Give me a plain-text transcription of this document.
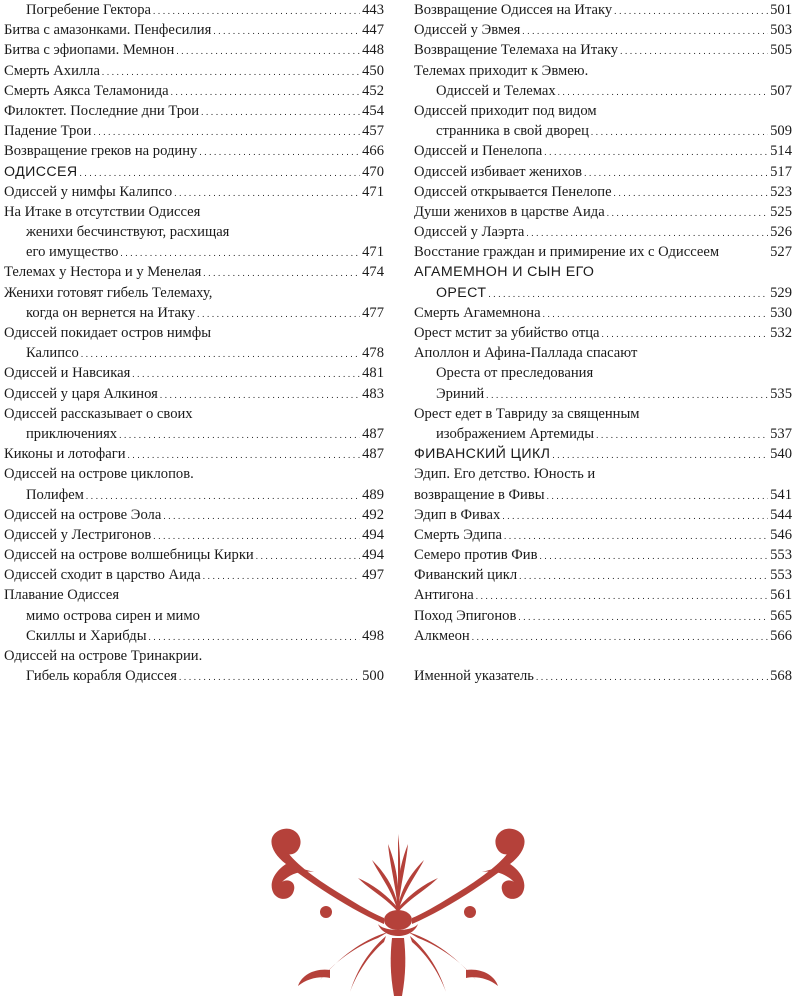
Погребение Гектора . . .	443
Битва с амазонками. Пенфесилия . . .	447
Битва с эфиопами. Мемнон . . .	448
Смерть Ахилла . . .	450
Смерть Аякса Теламонида . . .	452
Филоктет. Последние дни Трои . . .	454
Падение Трои . . .	457
Возвращение греков на родину . . .	466
ОДИССЕЯ . . .	470
Одиссей у нимфы Калипсо . . .	471
На Итаке в отсутствии Одиссея
женихи бесчинствуют, расхищая
его имущество . . .	471
Телемах у Нестора и у Менелая . . .	474
Женихи готовят гибель Телемаху,
когда он вернется на Итаку . . .	477
Одиссей покидает остров нимфы
Калипсо . . .	478
Одиссей и Навсикая . . .	481
Одиссей у царя Алкиноя . . .	483
Одиссей рассказывает о своих
приключениях . . .	487
Киконы и лотофаги . . .	487
Одиссей на острове циклопов.
Полифем . . .	489
Одиссей на острове Эола . . .	492
Одиссей у Лестригонов . . .	494
Одиссей на острове волшебницы Кирки . . .	494
Одиссей сходит в царство Аида . . .	497
Плавание Одиссея
мимо острова сирен и мимо
Скиллы и Харибды . . .	498
Одиссей на острове Тринакрии.
Гибель корабля Одиссея . . .	500
Возвращение Одиссея на Итаку . . .	501
Одиссей у Эвмея . . .	503
Возвращение Телемаха на Итаку . . .	505
Телемах приходит к Эвмею.
Одиссей и Телемах . . .	507
Одиссей приходит под видом
странника в свой дворец . . .	509
Одиссей и Пенелопа . . .	514
Одиссей избивает женихов . . .	517
Одиссей открывается Пенелопе . . .	523
Души женихов в царстве Аида . . .	525
Одиссей у Лаэрта . . .	526
Восстание граждан и примирение их с Одиссеем	527
АГАМЕМНОН И СЫН ЕГО
ОРЕСТ . . .	529
Смерть Агамемнона . . .	530
Орест мстит за убийство отца . . .	532
Аполлон и Афина-Паллада спасают
Ореста от преследования
Эриний . . .	535
Орест едет в Тавриду за священным
изображением Артемиды . . .	537
ФИВАНСКИЙ ЦИКЛ . . .	540
Эдип. Его детство. Юность и
возвращение в Фивы . . .	541
Эдип в Фивах . . .	544
Смерть Эдипа . . .	546
Семеро против Фив . . .	553
Фиванский цикл . . .	553
Антигона . . .	561
Поход Эпигонов . . .	565
Алкмеон . . .	566
Именной указатель . . .	568
